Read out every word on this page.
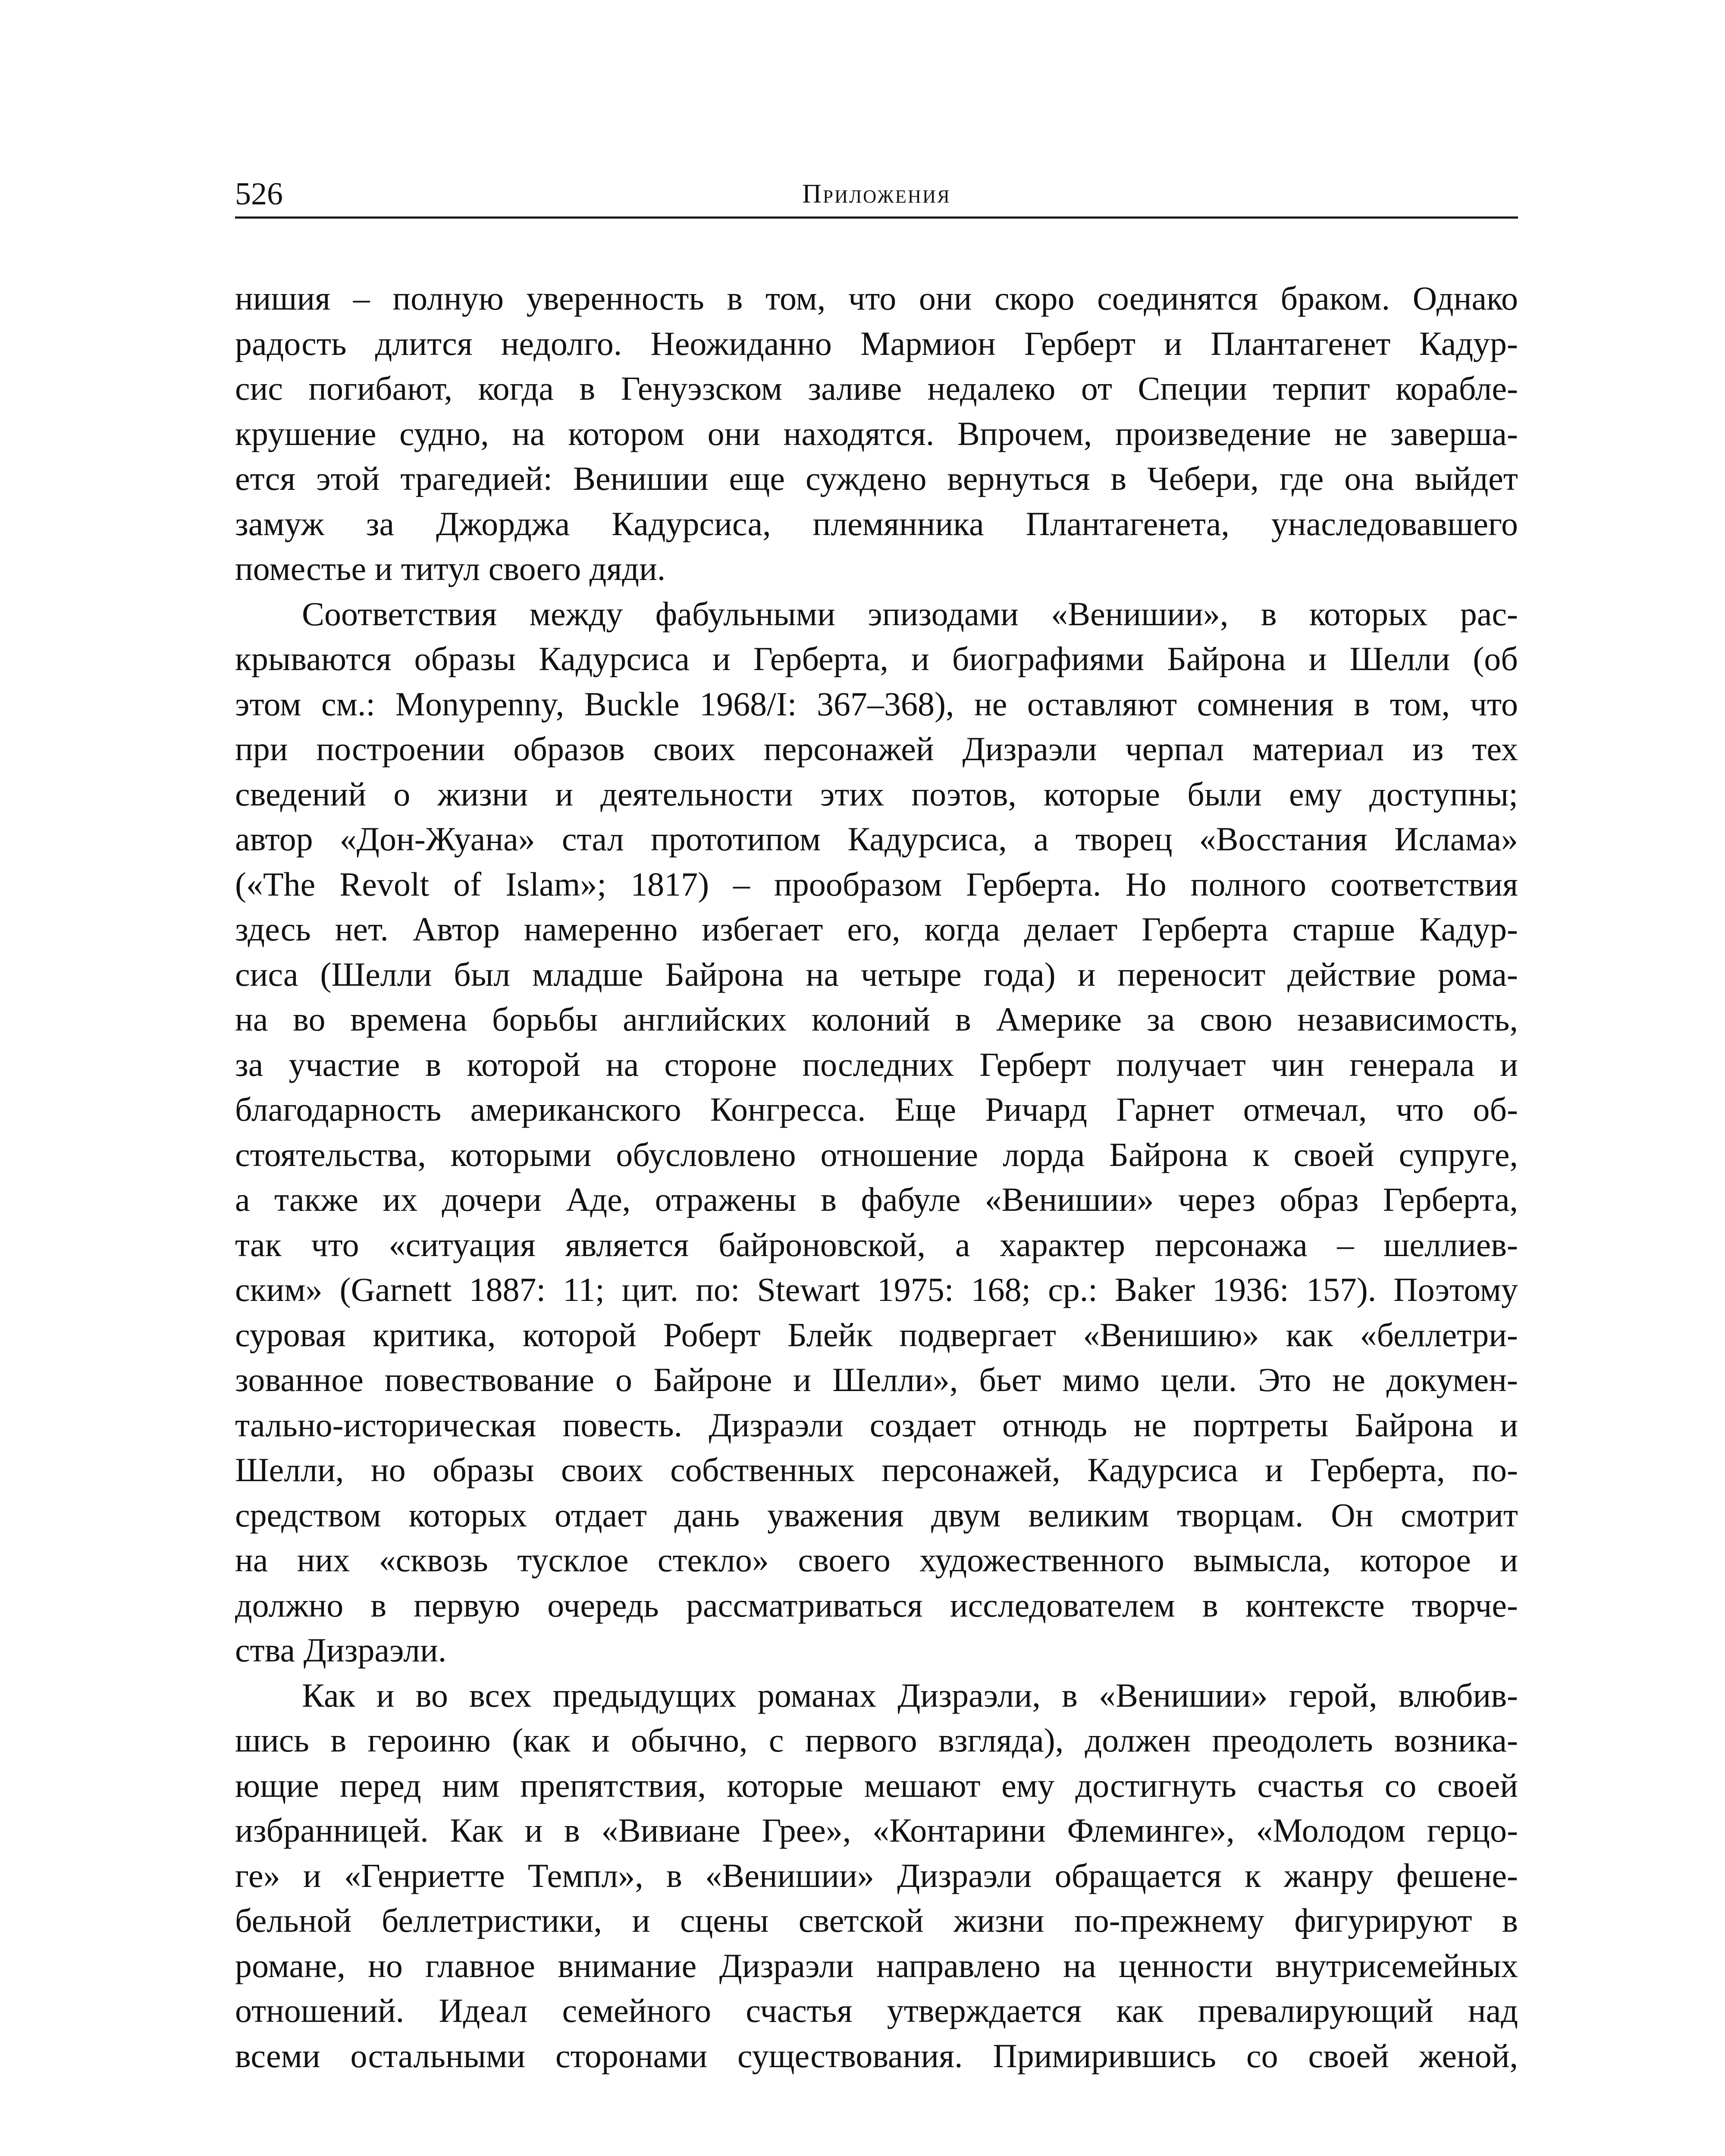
526	Приложения
нишия – полную уверенность в том, что они скоро соединятся браком. Однако
радость длится недолго. Неожиданно Мармион Герберт и Плантагенет Кадур-
сис погибают, когда в Генуэзском заливе недалеко от Специи терпит корабле-
крушение судно, на котором они находятся. Впрочем, произведение не заверша-
ется этой трагедией: Венишии еще суждено вернуться в Чебери, где она выйдет
замуж за Джорджа Кадурсиса, племянника Плантагенета, унаследовавшего
поместье и титул своего дяди.
Соответствия между фабульными эпизодами «Венишии», в которых рас-
крываются образы Кадурсиса и Герберта, и биографиями Байрона и Шелли (об
этом см.: Monypenny, Buckle 1968/I: 367–368), не оставляют сомнения в том, что
при построении образов своих персонажей Дизраэли черпал материал из тех
сведений о жизни и деятельности этих поэтов, которые были ему доступны;
автор «Дон-Жуана» стал прототипом Кадурсиса, а творец «Восстания Ислама»
(«The Revolt of Islam»; 1817) – прообразом Герберта. Но полного соответствия
здесь нет. Автор намеренно избегает его, когда делает Герберта старше Кадур-
сиса (Шелли был младше Байрона на четыре года) и переносит действие рома-
на во времена борьбы английских колоний в Америке за свою независимость,
за участие в которой на стороне последних Герберт получает чин генерала и
благодарность американского Конгресса. Еще Ричард Гарнет отмечал, что об-
стоятельства, которыми обусловлено отношение лорда Байрона к своей супруге,
а также их дочери Аде, отражены в фабуле «Венишии» через образ Герберта,
так что «ситуация является байроновской, а характер персонажа – шеллиев-
ским» (Garnett 1887: 11; цит. по: Stewart 1975: 168; ср.: Baker 1936: 157). Поэтому
суровая критика, которой Роберт Блейк подвергает «Венишию» как «беллетри-
зованное повествование о Байроне и Шелли», бьет мимо цели. Это не докумен-
тально-историческая повесть. Дизраэли создает отнюдь не портреты Байрона и
Шелли, но образы своих собственных персонажей, Кадурсиса и Герберта, по-
средством которых отдает дань уважения двум великим творцам. Он смотрит
на них «сквозь тусклое стекло» своего художественного вымысла, которое и
должно в первую очередь рассматриваться исследователем в контексте творче-
ства Дизраэли.
Как и во всех предыдущих романах Дизраэли, в «Венишии» герой, влюбив-
шись в героиню (как и обычно, с первого взгляда), должен преодолеть возника-
ющие перед ним препятствия, которые мешают ему достигнуть счастья со своей
избранницей. Как и в «Вивиане Грее», «Контарини Флеминге», «Молодом герцо-
ге» и «Генриетте Темпл», в «Венишии» Дизраэли обращается к жанру фешене-
бельной беллетристики, и сцены светской жизни по-прежнему фигурируют в
романе, но главное внимание Дизраэли направлено на ценности внутрисемейных
отношений. Идеал семейного счастья утверждается как превалирующий над
всеми остальными сторонами существования. Примирившись со своей женой,
